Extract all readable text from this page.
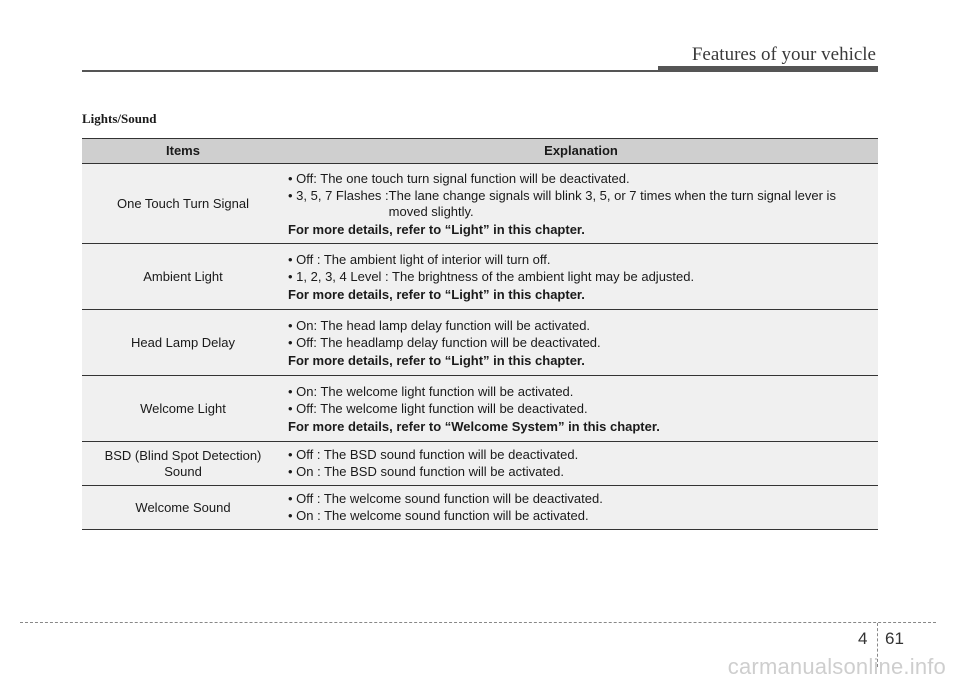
Features of your vehicle
Lights/Sound
Items	Explanation
One Touch Turn Signal	• Off: The one touch turn signal function will be deactivated.
• 3, 5, 7 Flashes : The lane change signals will blink 3, 5, or 7 times when the turn signal lever is moved slightly.
For more details, refer to “Light” in this chapter.

Ambient Light	• Off : The ambient light of interior will turn off.
• 1, 2, 3, 4 Level : The brightness of the ambient light may be adjusted.
For more details, refer to “Light” in this chapter.

Head Lamp Delay	• On: The head lamp delay function will be activated.
• Off: The headlamp delay function will be deactivated.
For more details, refer to “Light” in this chapter.

Welcome Light	• On: The welcome light function will be activated.
• Off: The welcome light function will be deactivated.
For more details, refer to “Welcome System” in this chapter.

BSD (Blind Spot Detection)
Sound	• Off : The BSD sound function will be deactivated.
• On : The BSD sound function will be activated.

Welcome Sound	• Off : The welcome sound function will be deactivated.
• On : The welcome sound function will be activated.
4 61
carmanualsonline.info
